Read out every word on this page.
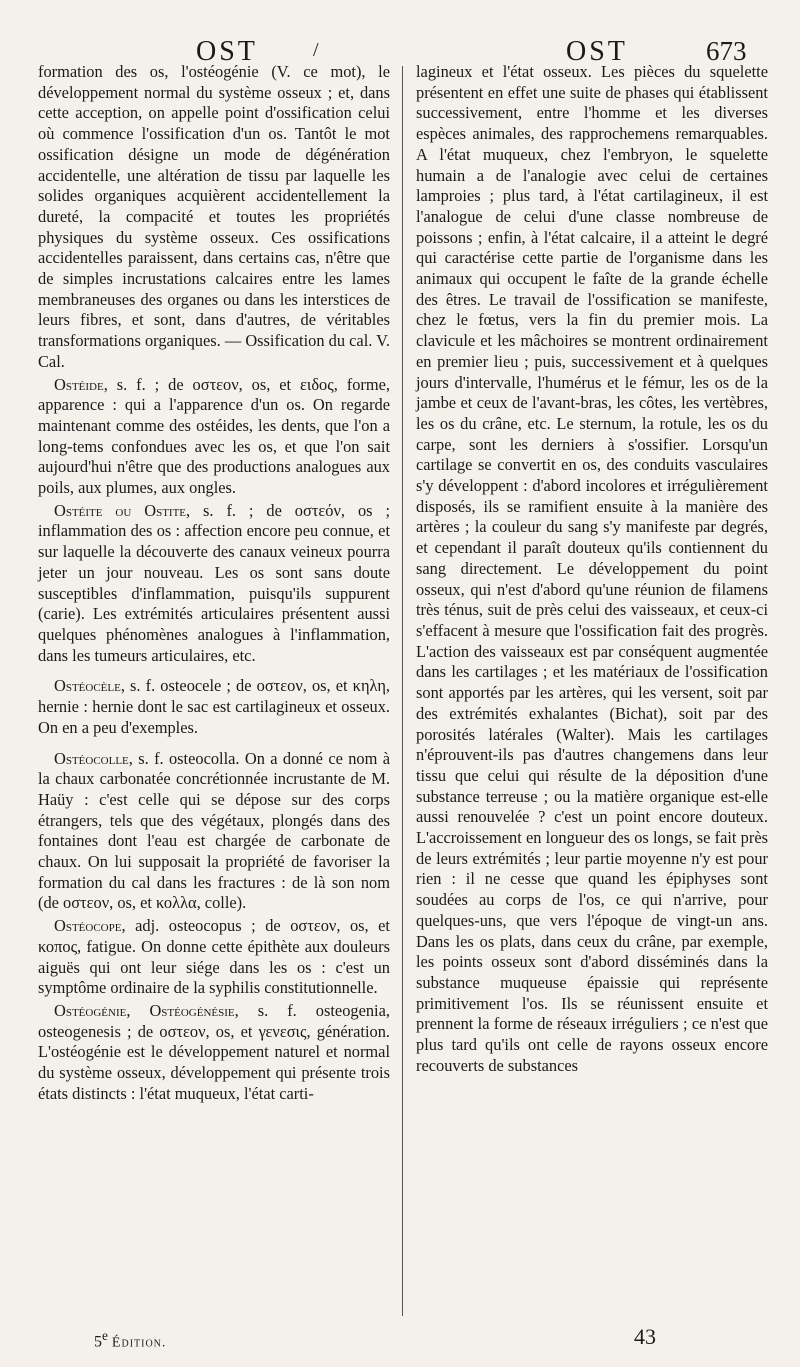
OST	/	OST	673

formation des os, l'ostéogénie (V. ce mot), le développement normal du système osseux ; et, dans cette acception, on appelle point d'ossification celui où commence l'ossification d'un os. Tantôt le mot ossification désigne un mode de dégénération accidentelle, une altération de tissu par laquelle les solides organiques acquièrent accidentellement la dureté, la compacité et toutes les propriétés physiques du système osseux. Ces ossifications accidentelles paraissent, dans certains cas, n'être que de simples incrustations calcaires entre les lames membraneuses des organes ou dans les interstices de leurs fibres, et sont, dans d'autres, de véritables transformations organiques. — Ossification du cal. V. Cal.

Ostéide, s. f. ; de οστεον, os, et ειδος, forme, apparence : qui a l'apparence d'un os. On regarde maintenant comme des ostéides, les dents, que l'on a long-tems confondues avec les os, et que l'on sait aujourd'hui n'être que des productions analogues aux poils, aux plumes, aux ongles.

Ostéite ou Ostite, s. f. ; de οστεόν, os ; inflammation des os : affection encore peu connue, et sur laquelle la découverte des canaux veineux pourra jeter un jour nouveau. Les os sont sans doute susceptibles d'inflammation, puisqu'ils suppurent (carie). Les extrémités articulaires présentent aussi quelques phénomènes analogues à l'inflammation, dans les tumeurs articulaires, etc.

Ostéocèle, s. f. osteocele ; de οστεον, os, et κηλη, hernie : hernie dont le sac est cartilagineux et osseux. On en a peu d'exemples.

Ostéocolle, s. f. osteocolla. On a donné ce nom à la chaux carbonatée concrétionnée incrustante de M. Haüy : c'est celle qui se dépose sur des corps étrangers, tels que des végétaux, plongés dans des fontaines dont l'eau est chargée de carbonate de chaux. On lui supposait la propriété de favoriser la formation du cal dans les fractures : de là son nom (de οστεον, os, et κολλα, colle).

Ostéocope, adj. osteocopus ; de οστεον, os, et κοπος, fatigue. On donne cette épithète aux douleurs aiguës qui ont leur siége dans les os : c'est un symptôme ordinaire de la syphilis constitutionnelle.

Ostéogénie, Ostéogénésie, s. f. osteogenia, osteogenesis ; de οστεον, os, et γενεσις, génération. L'ostéogénie est le développement naturel et normal du système osseux, développement qui présente trois états distincts : l'état muqueux, l'état carti-

lagineux et l'état osseux. Les pièces du squelette présentent en effet une suite de phases qui établissent successivement, entre l'homme et les diverses espèces animales, des rapprochemens remarquables. A l'état muqueux, chez l'embryon, le squelette humain a de l'analogie avec celui de certaines lamproies ; plus tard, à l'état cartilagineux, il est l'analogue de celui d'une classe nombreuse de poissons ; enfin, à l'état calcaire, il a atteint le degré qui caractérise cette partie de l'organisme dans les animaux qui occupent le faîte de la grande échelle des êtres. Le travail de l'ossification se manifeste, chez le fœtus, vers la fin du premier mois. La clavicule et les mâchoires se montrent ordinairement en premier lieu ; puis, successivement et à quelques jours d'intervalle, l'humérus et le fémur, les os de la jambe et ceux de l'avant-bras, les côtes, les vertèbres, les os du crâne, etc. Le sternum, la rotule, les os du carpe, sont les derniers à s'ossifier. Lorsqu'un cartilage se convertit en os, des conduits vasculaires s'y développent : d'abord incolores et irrégulièrement disposés, ils se ramifient ensuite à la manière des artères ; la couleur du sang s'y manifeste par degrés, et cependant il paraît douteux qu'ils contiennent du sang directement. Le développement du point osseux, qui n'est d'abord qu'une réunion de filamens très ténus, suit de près celui des vaisseaux, et ceux-ci s'effacent à mesure que l'ossification fait des progrès. L'action des vaisseaux est par conséquent augmentée dans les cartilages ; et les matériaux de l'ossification sont apportés par les artères, qui les versent, soit par des extrémités exhalantes (Bichat), soit par des porosités latérales (Walter). Mais les cartilages n'éprouvent-ils pas d'autres changemens dans leur tissu que celui qui résulte de la déposition d'une substance terreuse ; ou la matière organique est-elle aussi renouvelée ? c'est un point encore douteux. L'accroissement en longueur des os longs, se fait près de leurs extrémités ; leur partie moyenne n'y est pour rien : il ne cesse que quand les épiphyses sont soudées au corps de l'os, ce qui n'arrive, pour quelques-uns, que vers l'époque de vingt-un ans. Dans les os plats, dans ceux du crâne, par exemple, les points osseux sont d'abord disséminés dans la substance muqueuse épaissie qui représente primitivement l'os. Ils se réunissent ensuite et prennent la forme de réseaux irréguliers ; ce n'est que plus tard qu'ils ont celle de rayons osseux encore recouverts de substances

5e Édition.	43
